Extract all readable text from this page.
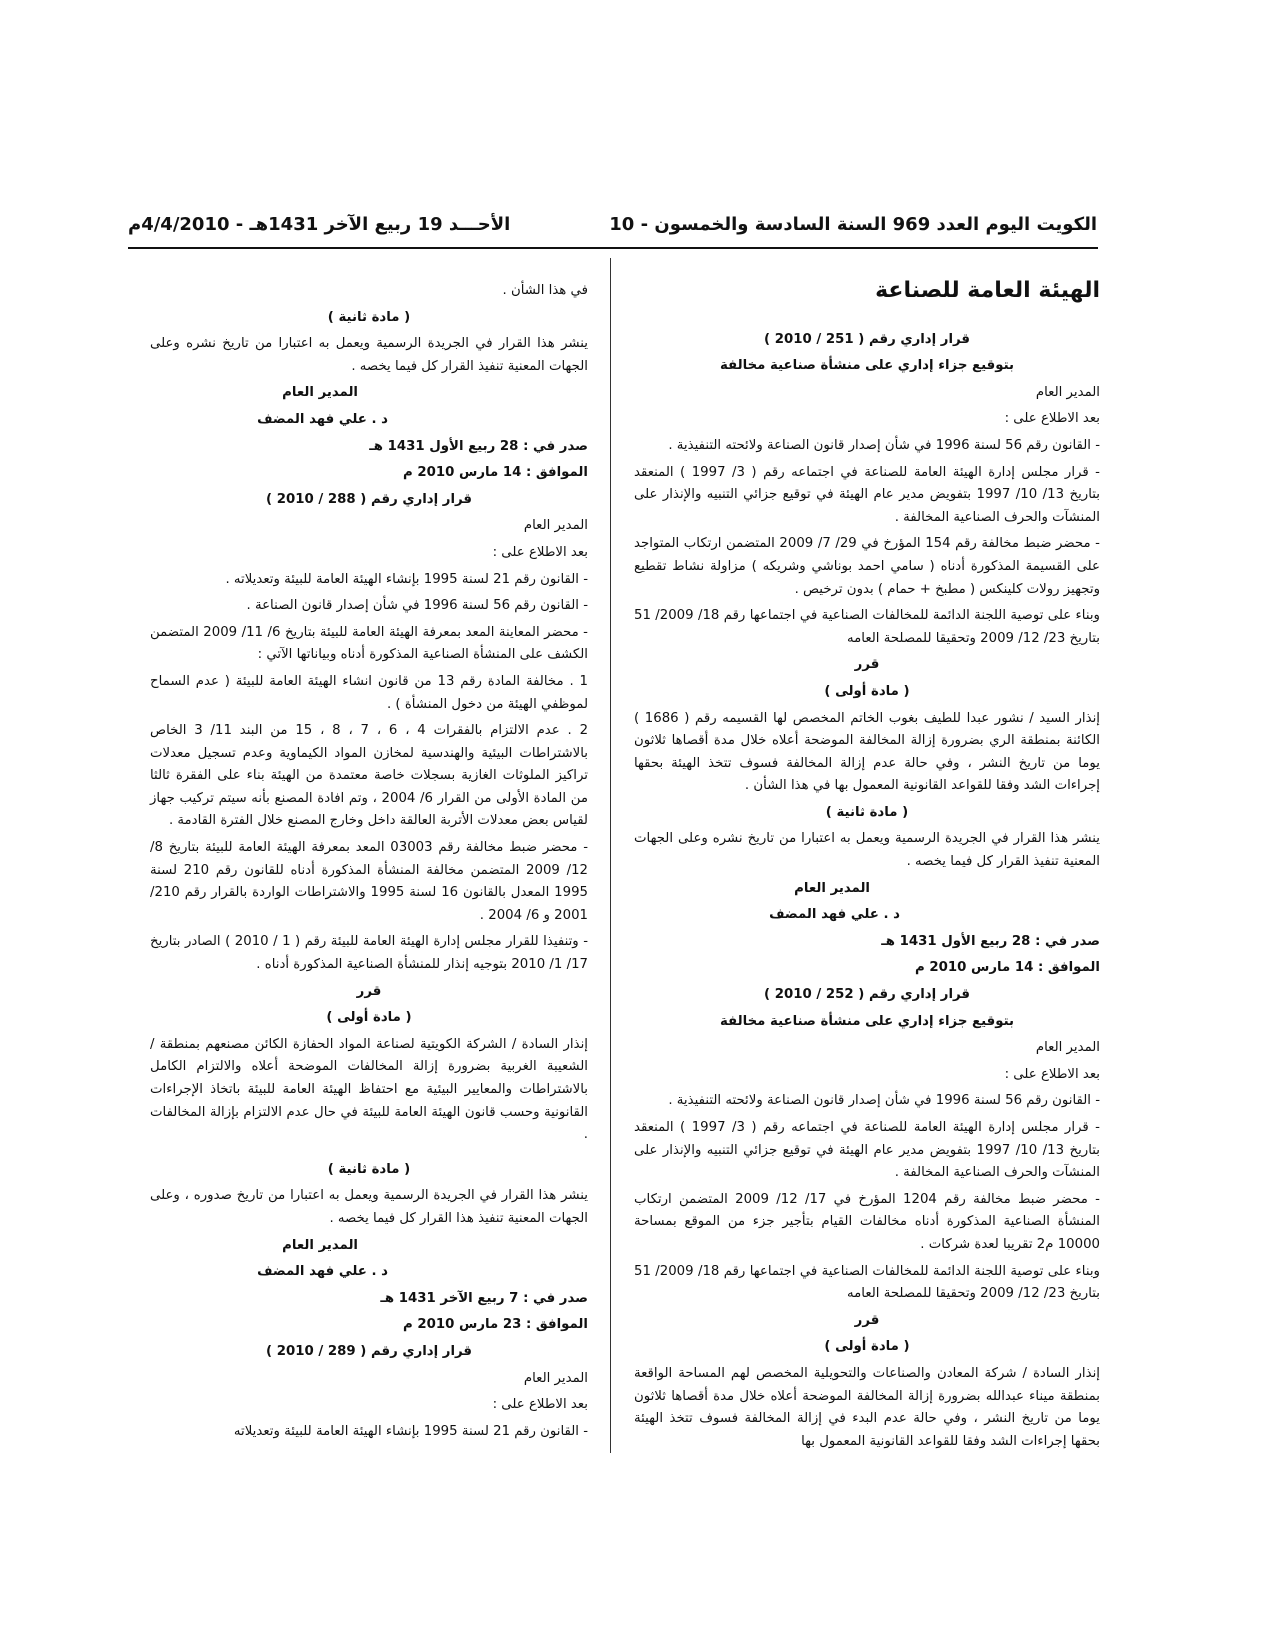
الكويت اليوم العدد 969 السنة السادسة والخمسون - 10
الأحـــد 19 ربيع الآخر 1431هـ - 4/4/2010م

الهيئة العامة للصناعة

قرار إداري رقم ( 251 / 2010 )

بتوقيع جزاء إداري على منشأة صناعية مخالفة

المدير العام

بعد الاطلاع على :

- القانون رقم 56 لسنة 1996 في شأن إصدار قانون الصناعة ولائحته التنفيذية .

- قرار مجلس إدارة الهيئة العامة للصناعة في اجتماعه رقم ( 3/ 1997 ) المنعقد بتاريخ 13/ 10/ 1997 بتفويض مدير عام الهيئة في توقيع جزائي التنبيه والإنذار على المنشآت والحرف الصناعية المخالفة .

- محضر ضبط مخالفة رقم 154 المؤرخ في 29/ 7/ 2009 المتضمن ارتكاب المتواجد على القسيمة المذكورة أدناه ( سامي احمد بوناشي وشريكه ) مزاولة نشاط تقطيع وتجهيز رولات كلينكس ( مطبخ + حمام ) بدون ترخيص .

وبناء على توصية اللجنة الدائمة للمخالفات الصناعية في اجتماعها رقم 18/ 2009/ 51 بتاريخ 23/ 12/ 2009 وتحقيقا للمصلحة العامه

قرر

( مادة أولى )

إنذار السيد / نشور عبدا للطيف بغوب الخاتم المخصص لها القسيمه رقم ( 1686 ) الكائنة بمنطقة الري بضرورة إزالة المخالفة الموضحة أعلاه خلال مدة أقصاها ثلاثون يوما من تاريخ النشر ، وفي حالة عدم إزالة المخالفة فسوف تتخذ الهيئة بحقها إجراءات الشد وفقا للقواعد القانونية المعمول بها في هذا الشأن .

( مادة ثانية )

ينشر هذا القرار في الجريدة الرسمية ويعمل به اعتبارا من تاريخ نشره وعلى الجهات المعنية تنفيذ القرار كل فيما يخصه .

المدير العام

د . علي فهد المضف

صدر في : 28 ربيع الأول 1431 هـ

الموافق : 14 مارس 2010 م

قرار إداري رقم ( 252 / 2010 )

بتوقيع جزاء إداري على منشأة صناعية مخالفة

المدير العام

بعد الاطلاع على :

- القانون رقم 56 لسنة 1996 في شأن إصدار قانون الصناعة ولائحته التنفيذية .

- قرار مجلس إدارة الهيئة العامة للصناعة في اجتماعه رقم ( 3/ 1997 ) المنعقد بتاريخ 13/ 10/ 1997 بتفويض مدير عام الهيئة في توقيع جزائي التنبيه والإنذار على المنشآت والحرف الصناعية المخالفة .

- محضر ضبط مخالفة رقم 1204 المؤرخ في 17/ 12/ 2009 المتضمن ارتكاب المنشأة الصناعية المذكورة أدناه مخالفات القيام بتأجير جزء من الموقع بمساحة 10000 م2 تقريبا لعدة شركات .

وبناء على توصية اللجنة الدائمة للمخالفات الصناعية في اجتماعها رقم 18/ 2009/ 51 بتاريخ 23/ 12/ 2009 وتحقيقا للمصلحة العامه

قرر

( مادة أولى )

إنذار السادة / شركة المعادن والصناعات والتحويلية المخصص لهم المساحة الواقعة بمنطقة ميناء عبدالله بضرورة إزالة المخالفة الموضحة أعلاه خلال مدة أقصاها ثلاثون يوما من تاريخ النشر ، وفي حالة عدم البدء في إزالة المخالفة فسوف تتخذ الهيئة بحقها إجراءات الشد وفقا للقواعد القانونية المعمول بها

في هذا الشأن .

( مادة ثانية )

ينشر هذا القرار في الجريدة الرسمية ويعمل به اعتبارا من تاريخ نشره وعلى الجهات المعنية تنفيذ القرار كل فيما يخصه .

المدير العام

د . علي فهد المضف

صدر في : 28 ربيع الأول 1431 هـ

الموافق : 14 مارس 2010 م

قرار إداري رقم ( 288 / 2010 )

المدير العام

بعد الاطلاع على :

- القانون رقم 21 لسنة 1995 بإنشاء الهيئة العامة للبيئة وتعديلاته .

- القانون رقم 56 لسنة 1996 في شأن إصدار قانون الصناعة .

- محضر المعاينة المعد بمعرفة الهيئة العامة للبيئة بتاريخ 6/ 11/ 2009 المتضمن الكشف على المنشأة الصناعية المذكورة أدناه وبياناتها الآتي :

1 . مخالفة المادة رقم 13 من قانون انشاء الهيئة العامة للبيئة ( عدم السماح لموظفي الهيئة من دخول المنشأة ) .

2 . عدم الالتزام بالفقرات 4 ، 6 ، 7 ، 8 ، 15 من البند 11/ 3 الخاص بالاشتراطات البيئية والهندسية لمخازن المواد الكيماوية وعدم تسجيل معدلات تراكيز الملوثات الغازية بسجلات خاصة معتمدة من الهيئة بناء على الفقرة ثالثا من المادة الأولى من القرار 6/ 2004 ، وتم افادة المصنع بأنه سيتم تركيب جهاز لقياس بعض معدلات الأتربة العالقة داخل وخارج المصنع خلال الفترة القادمة .

- محضر ضبط مخالفة رقم 03003 المعد بمعرفة الهيئة العامة للبيئة بتاريخ 8/ 12/ 2009 المتضمن مخالفة المنشأة المذكورة أدناه للقانون رقم 210 لسنة 1995 المعدل بالقانون 16 لسنة 1995 والاشتراطات الواردة بالقرار رقم 210/ 2001 و 6/ 2004 .

- وتنفيذا للقرار مجلس إدارة الهيئة العامة للبيئة رقم ( 1 / 2010 ) الصادر بتاريخ 17/ 1/ 2010 بتوجيه إنذار للمنشأة الصناعية المذكورة أدناه .

قرر

( مادة أولى )

إنذار السادة / الشركة الكويتية لصناعة المواد الحفازة الكائن مصنعهم بمنطقة / الشعيبة الغربية بضرورة إزالة المخالفات الموضحة أعلاه والالتزام الكامل بالاشتراطات والمعايير البيئية مع احتفاظ الهيئة العامة للبيئة باتخاذ الإجراءات القانونية وحسب قانون الهيئة العامة للبيئة في حال عدم الالتزام بإزالة المخالفات .

( مادة ثانية )

ينشر هذا القرار في الجريدة الرسمية ويعمل به اعتبارا من تاريخ صدوره ، وعلى الجهات المعنية تنفيذ هذا القرار كل فيما يخصه .

المدير العام

د . علي فهد المضف

صدر في : 7 ربيع الآخر 1431 هـ

الموافق : 23 مارس 2010 م

قرار إداري رقم ( 289 / 2010 )

المدير العام

بعد الاطلاع على :

- القانون رقم 21 لسنة 1995 بإنشاء الهيئة العامة للبيئة وتعديلاته
